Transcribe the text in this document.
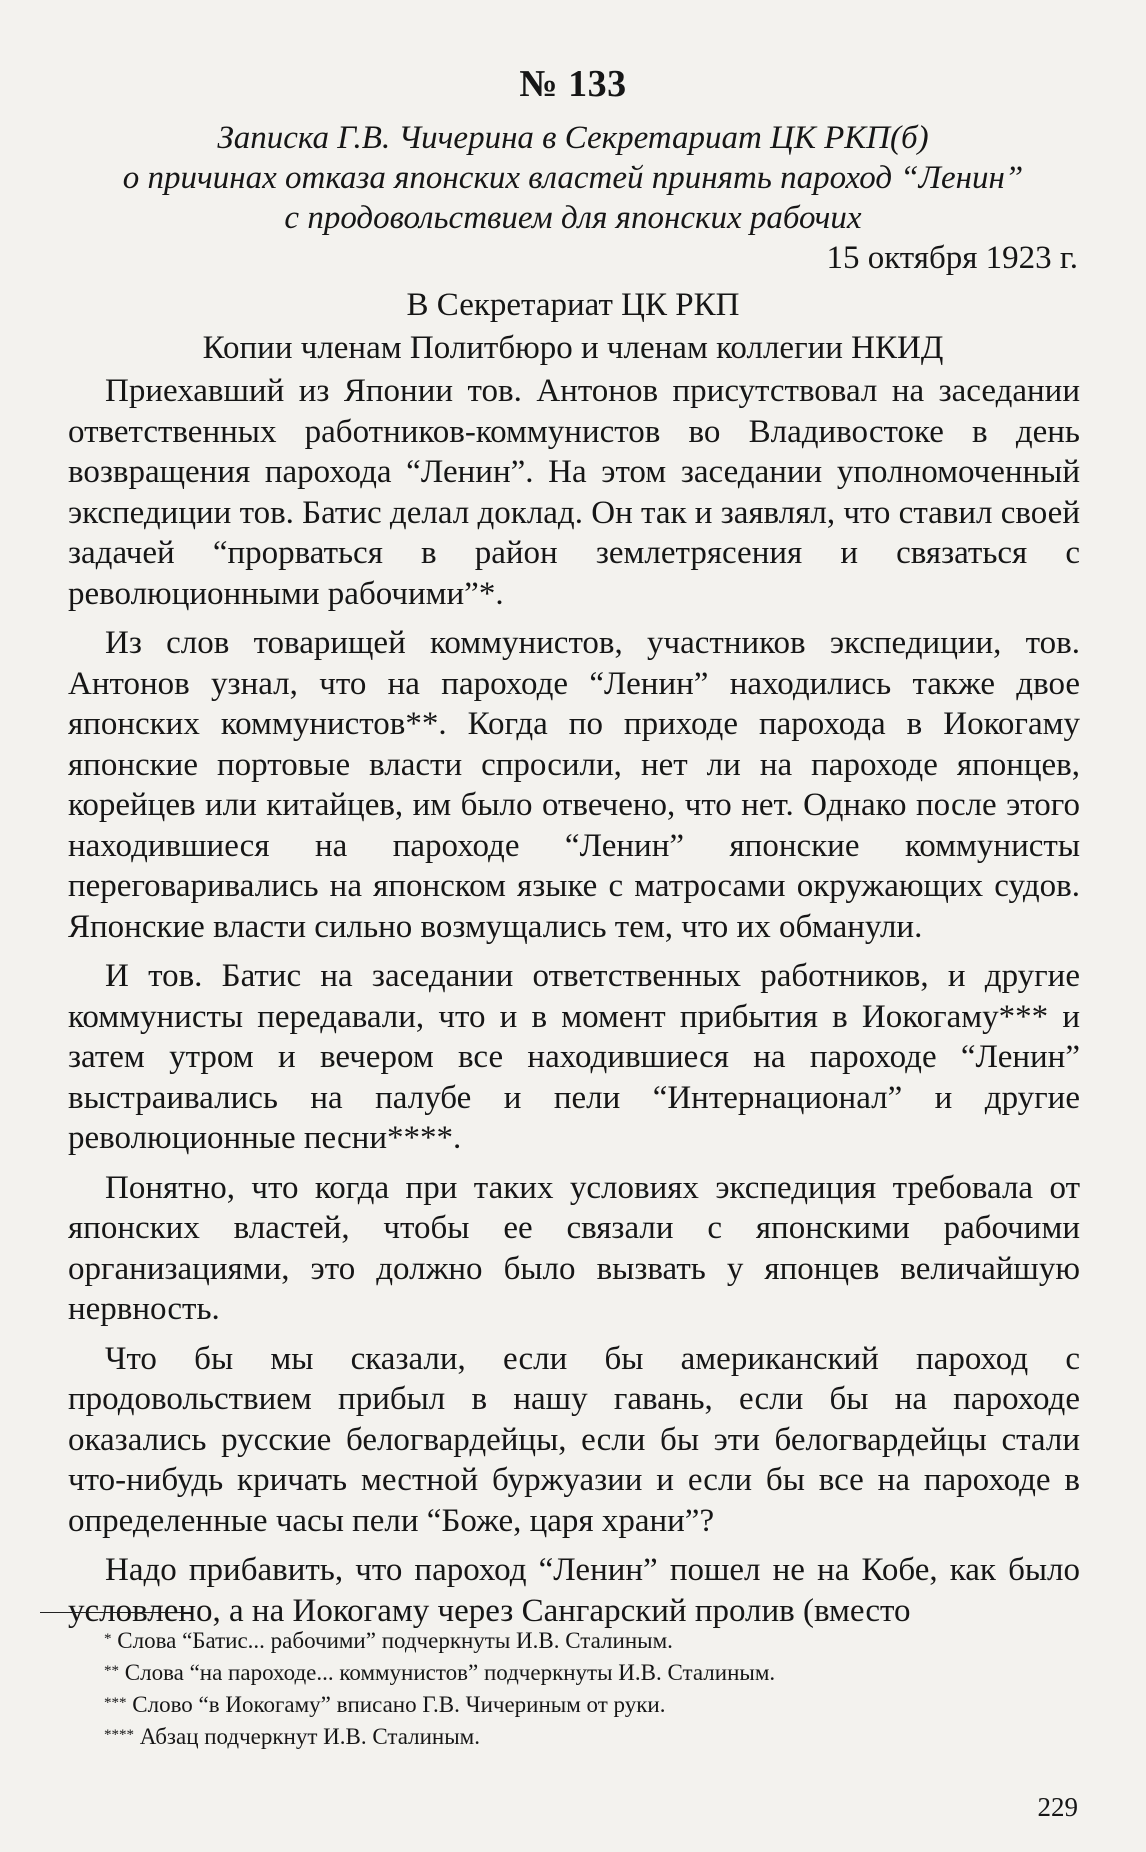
№ 133
Записка Г.В. Чичерина в Секретариат ЦК РКП(б)
о причинах отказа японских властей принять пароход “Ленин”
с продовольствием для японских рабочих
15 октября 1923 г.
В Секретариат ЦК РКП
Копии членам Политбюро и членам коллегии НКИД

Приехавший из Японии тов. Антонов присутствовал на заседании ответственных работников-коммунистов во Владивостоке в день возвращения парохода “Ленин”. На этом заседании уполномоченный экспедиции тов. Батис делал доклад. Он так и заявлял, что ставил своей задачей “прорваться в район землетрясения и связаться с революционными рабочими”*.

Из слов товарищей коммунистов, участников экспедиции, тов. Антонов узнал, что на пароходе “Ленин” находились также двое японских коммунистов**. Когда по приходе парохода в Иокогаму японские портовые власти спросили, нет ли на пароходе японцев, корейцев или китайцев, им было отвечено, что нет. Однако после этого находившиеся на пароходе “Ленин” японские коммунисты переговаривались на японском языке с матросами окружающих судов. Японские власти сильно возмущались тем, что их обманули.

И тов. Батис на заседании ответственных работников, и другие коммунисты передавали, что и в момент прибытия в Иокогаму*** и затем утром и вечером все находившиеся на пароходе “Ленин” выстраивались на палубе и пели “Интернационал” и другие революционные песни****.

Понятно, что когда при таких условиях экспедиция требовала от японских властей, чтобы ее связали с японскими рабочими организациями, это должно было вызвать у японцев величайшую нервность.

Что бы мы сказали, если бы американский пароход с продовольствием прибыл в нашу гавань, если бы на пароходе оказались русские белогвардейцы, если бы эти белогвардейцы стали что-нибудь кричать местной буржуазии и если бы все на пароходе в определенные часы пели “Боже, царя храни”?

Надо прибавить, что пароход “Ленин” пошел не на Кобе, как было условлено, а на Иокогаму через Сангарский пролив (вместо

* Слова “Батис... рабочими” подчеркнуты И.В. Сталиным.
** Слова “на пароходе... коммунистов” подчеркнуты И.В. Сталиным.
*** Слово “в Иокогаму” вписано Г.В. Чичериным от руки.
**** Абзац подчеркнут И.В. Сталиным.
229
